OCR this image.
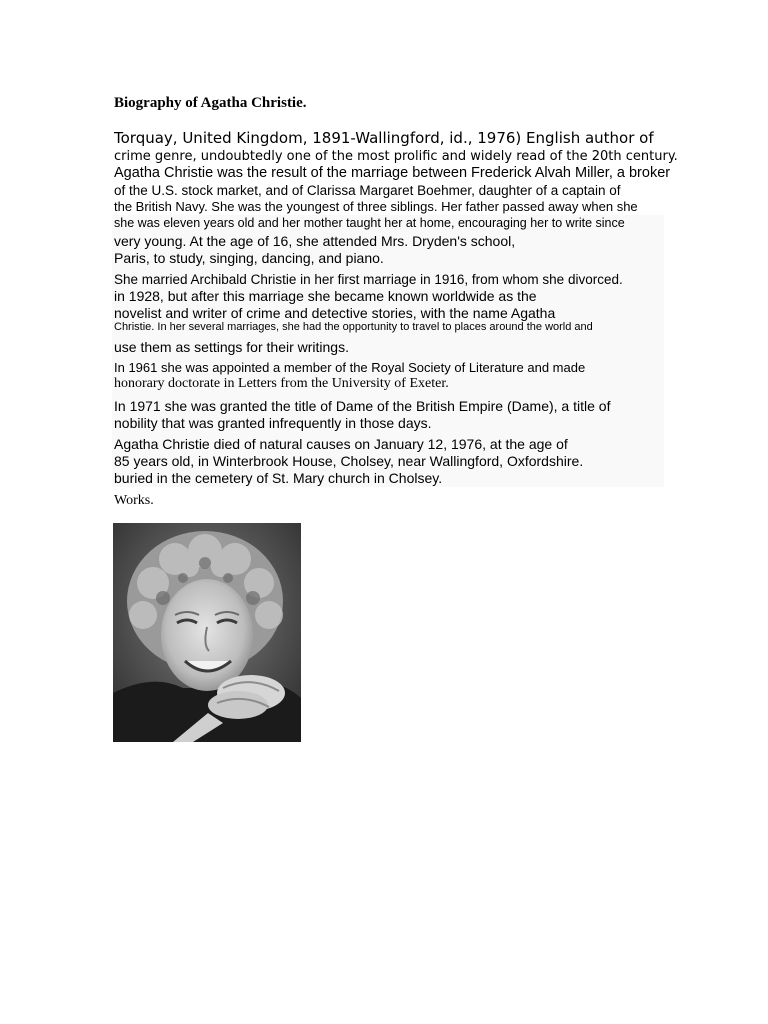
Biography of Agatha Christie.
Torquay, United Kingdom, 1891-Wallingford, id., 1976) English author of
crime genre, undoubtedly one of the most prolific and widely read of the 20th century.
Agatha Christie was the result of the marriage between Frederick Alvah Miller, a broker
of the U.S. stock market, and of Clarissa Margaret Boehmer, daughter of a captain of
the British Navy. She was the youngest of three siblings. Her father passed away when she
she was eleven years old and her mother taught her at home, encouraging her to write since
very young. At the age of 16, she attended Mrs. Dryden's school,
Paris, to study, singing, dancing, and piano.
She married Archibald Christie in her first marriage in 1916, from whom she divorced.
in 1928, but after this marriage she became known worldwide as the
novelist and writer of crime and detective stories, with the name Agatha
Christie. In her several marriages, she had the opportunity to travel to places around the world and
use them as settings for their writings.
In 1961 she was appointed a member of the Royal Society of Literature and made
honorary doctorate in Letters from the University of Exeter.
In 1971 she was granted the title of Dame of the British Empire (Dame), a title of
nobility that was granted infrequently in those days.
Agatha Christie died of natural causes on January 12, 1976, at the age of
85 years old, in Winterbrook House, Cholsey, near Wallingford, Oxfordshire.
buried in the cemetery of St. Mary church in Cholsey.
Works.
